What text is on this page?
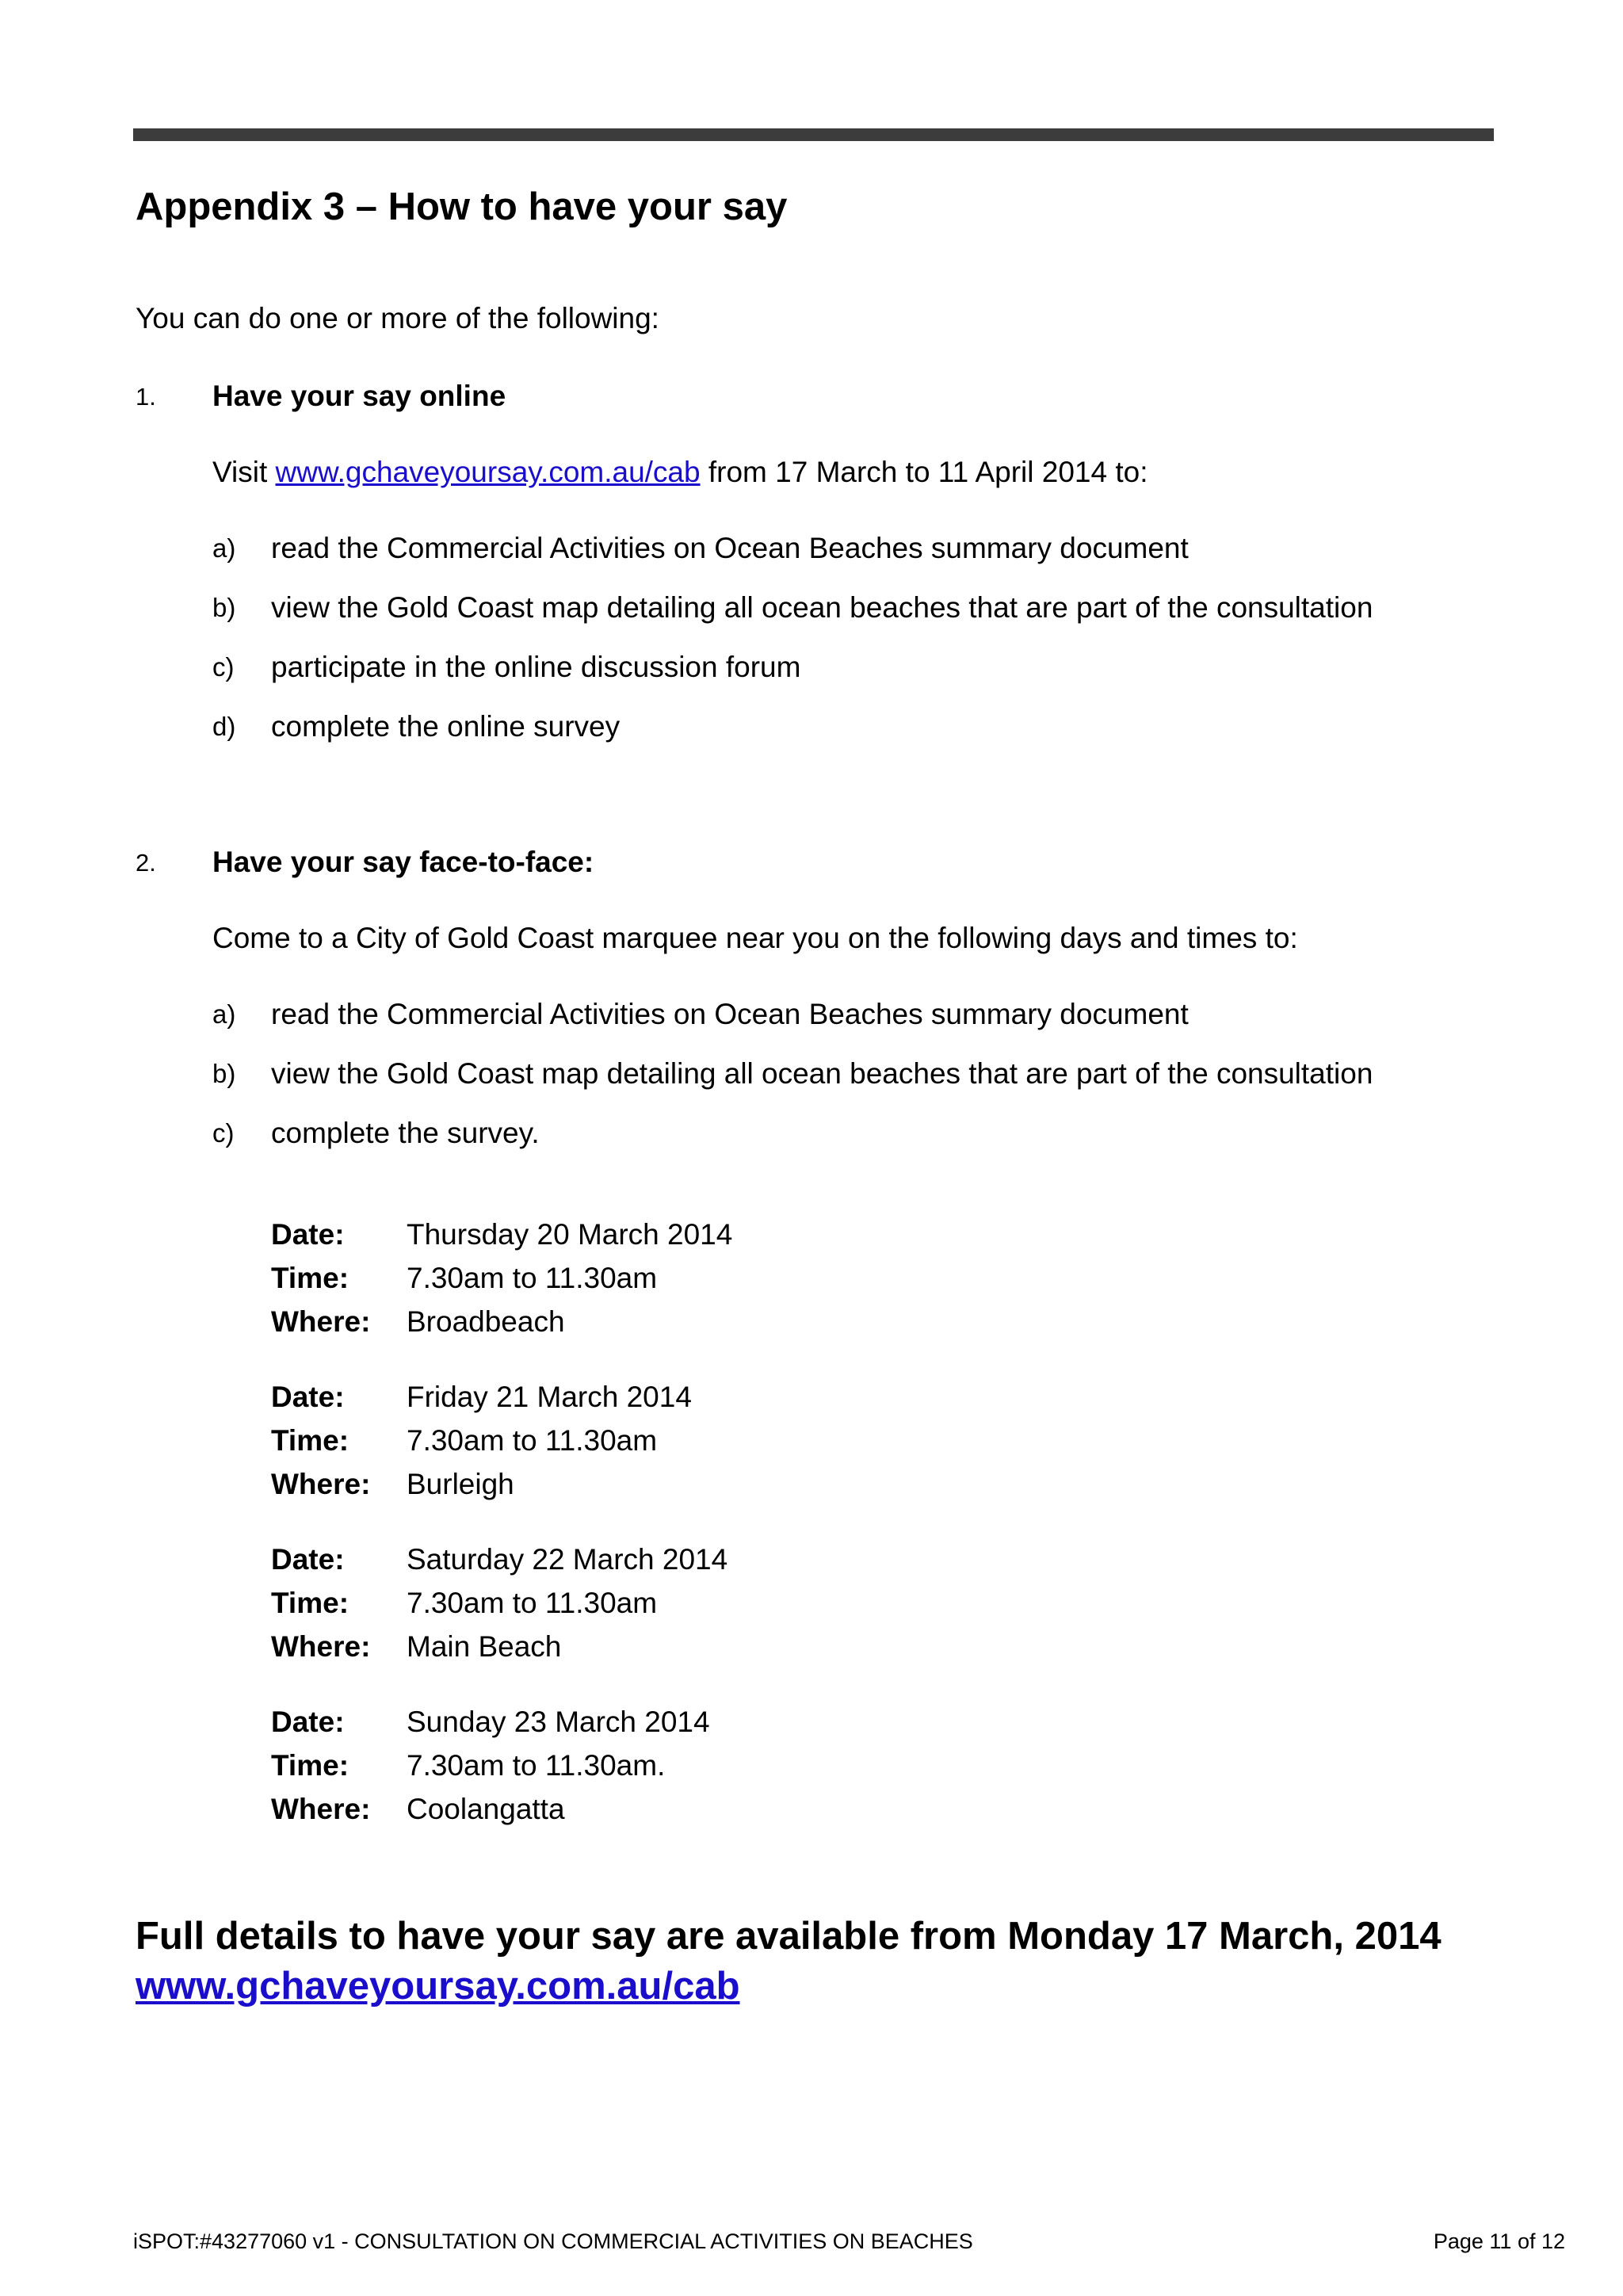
Appendix 3 – How to have your say

You can do one or more of the following:

1. Have your say online

Visit www.gchaveyoursay.com.au/cab from 17 March to 11 April 2014 to:

a) read the Commercial Activities on Ocean Beaches summary document
b) view the Gold Coast map detailing all ocean beaches that are part of the consultation
c) participate in the online discussion forum
d) complete the online survey
2. Have your say face-to-face:

Come to a City of Gold Coast marquee near you on the following days and times to:

a) read the Commercial Activities on Ocean Beaches summary document
b) view the Gold Coast map detailing all ocean beaches that are part of the consultation
c) complete the survey.
Date: Thursday 20 March 2014
Time: 7.30am to 11.30am
Where: Broadbeach
Date: Friday 21 March 2014
Time: 7.30am to 11.30am
Where: Burleigh
Date: Saturday 22 March 2014
Time: 7.30am to 11.30am
Where: Main Beach
Date: Sunday 23 March 2014
Time: 7.30am to 11.30am.
Where: Coolangatta

Full details to have your say are available from Monday 17 March, 2014

www.gchaveyoursay.com.au/cab
iSPOT:#43277060 v1 - CONSULTATION ON COMMERCIAL ACTIVITIES ON BEACHES	Page 11 of 12
